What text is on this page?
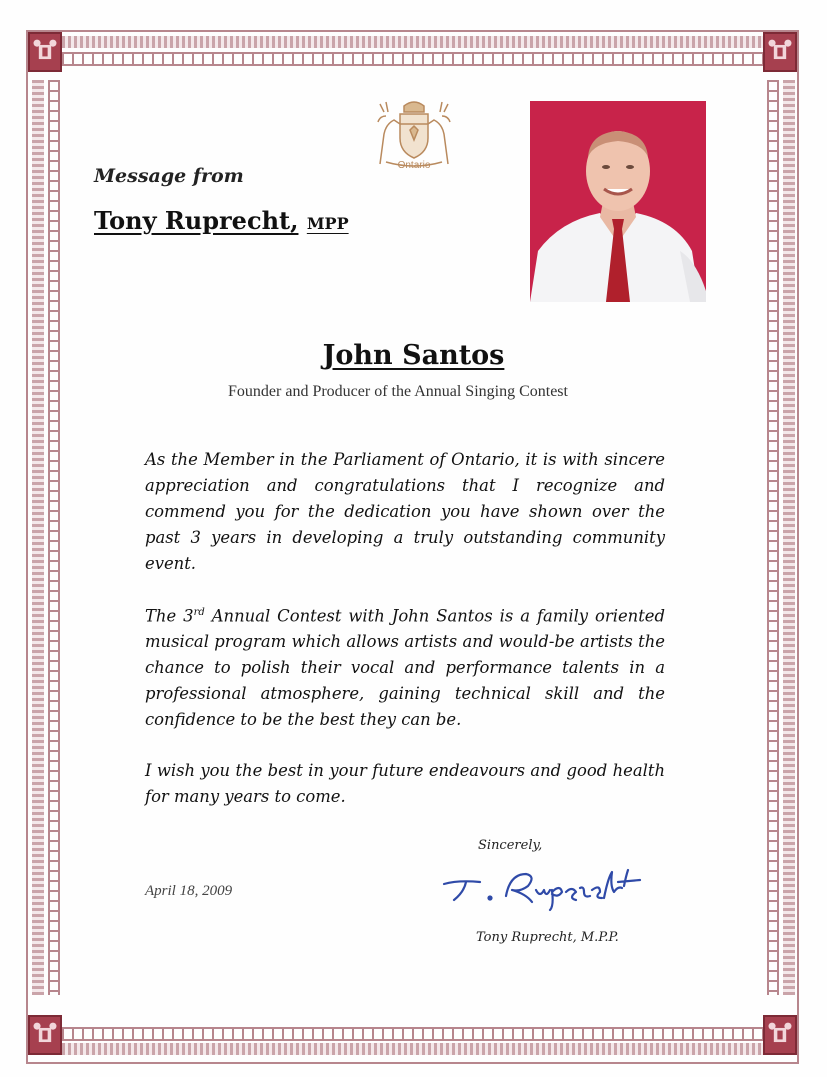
Ontario
Message from
Tony Ruprecht, MPP
John Santos
Founder and Producer of the Annual Singing Contest
As the Member in the Parliament of Ontario, it is with sincere appreciation and congratulations that I recognize and commend you for the dedication you have shown over the past 3 years in developing a truly outstanding community event.
The 3rd Annual Contest with John Santos is a family oriented musical program which allows artists and would-be artists the chance to polish their vocal and performance talents in a professional atmosphere, gaining technical skill and the confidence to be the best they can be.
I wish you the best in your future endeavours and good health for many years to come.
Sincerely,
April 18, 2009
Tony Ruprecht, M.P.P.
